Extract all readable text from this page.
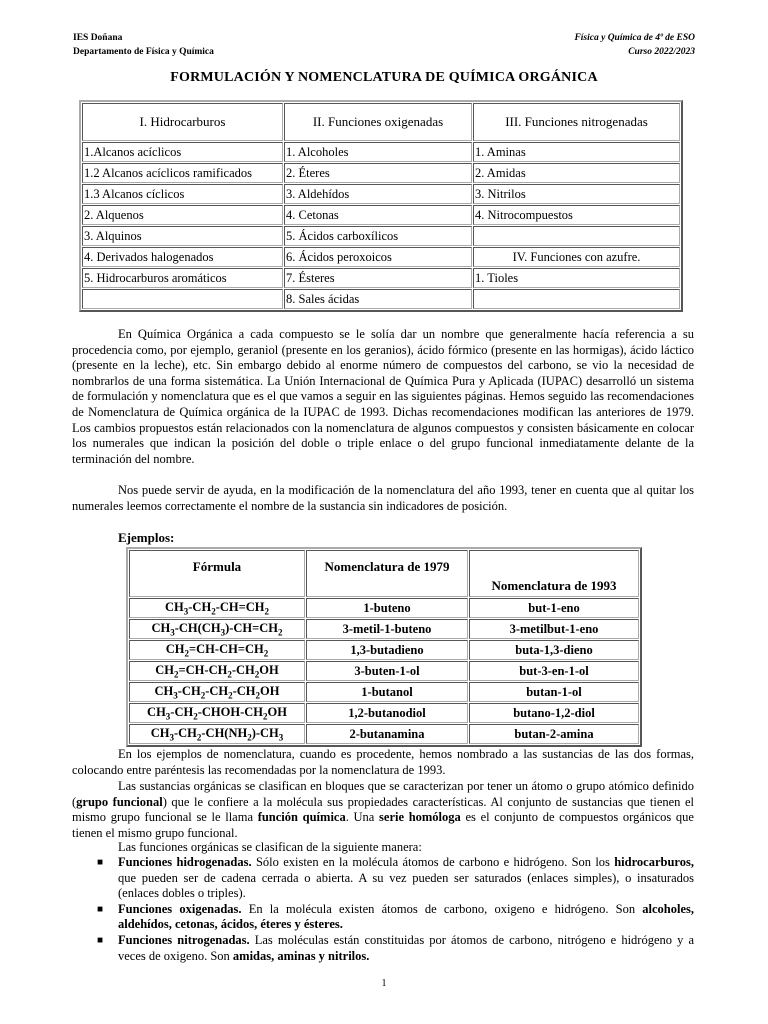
IES Doñana
Departamento de Física y Química
Física y Química de 4º de ESO
Curso 2022/2023
FORMULACIÓN Y NOMENCLATURA DE QUÍMICA ORGÁNICA
I. Hidrocarburos	II. Funciones oxigenadas	III. Funciones nitrogenadas
1.Alcanos acíclicos	1. Alcoholes	1. Aminas
1.2 Alcanos acíclicos ramificados	2. Éteres	2. Amidas
1.3 Alcanos cíclicos	3. Aldehídos	3. Nitrilos
2. Alquenos	4. Cetonas	4. Nitrocompuestos
3. Alquinos	5. Ácidos carboxílicos	
4. Derivados halogenados	6. Ácidos peroxoicos	IV. Funciones con azufre.
5. Hidrocarburos aromáticos	7. Ésteres	1. Tioles
	8. Sales ácidas	

En Química Orgánica a cada compuesto se le solía dar un nombre que generalmente hacía referencia a su procedencia como, por ejemplo, geraniol (presente en los geranios), ácido fórmico (presente en las hormigas), ácido láctico (presente en la leche), etc. Sin embargo debido al enorme número de compuestos del carbono, se vio la necesidad de nombrarlos de una forma sistemática. La Unión Internacional de Química Pura y Aplicada (IUPAC) desarrolló un sistema de formulación y nomenclatura que es el que vamos a seguir en las siguientes páginas. Hemos seguido las recomendaciones de Nomenclatura de Química orgánica de la IUPAC de 1993. Dichas recomendaciones modifican las anteriores de 1979. Los cambios propuestos están relacionados con la nomenclatura de algunos compuestos y consisten básicamente en colocar los numerales que indican la posición del doble o triple enlace o del grupo funcional inmediatamente delante de la terminación del nombre.

Nos puede servir de ayuda, en la modificación de la nomenclatura del año 1993, tener en cuenta que al quitar los numerales leemos correctamente el nombre de la sustancia sin indicadores de posición.

Ejemplos:
Fórmula	Nomenclatura de 1979	Nomenclatura de 1993
$CH_3-CH_2-CH=CH_2$	1-buteno	but-1-eno
$CH_3-CH(CH_3)-CH=CH_2$	3-metil-1-buteno	3-metilbut-1-eno
$CH_2=CH-CH=CH_2$	1,3-butadieno	buta-1,3-dieno
$CH_2=CH-CH_2-CH_2OH$	3-buten-1-ol	but-3-en-1-ol
$CH_3-CH_2-CH_2-CH_2OH$	1-butanol	butan-1-ol
$CH_3-CH_2-CHOH-CH_2OH$	1,2-butanodiol	butano-1,2-diol
$CH_3-CH_2-CH(NH_2)-CH_3$	2-butanamina	butan-2-amina

En los ejemplos de nomenclatura, cuando es procedente, hemos nombrado a las sustancias de las dos formas, colocando entre paréntesis las recomendadas por la nomenclatura de 1993.

Las sustancias orgánicas se clasifican en bloques que se caracterizan por tener un átomo o grupo atómico definido (grupo funcional) que le confiere a la molécula sus propiedades características. Al conjunto de sustancias que tienen el mismo grupo funcional se le llama función química. Una serie homóloga es el conjunto de compuestos orgánicos que tienen el mismo grupo funcional.

Las funciones orgánicas se clasifican de la siguiente manera:

■ Funciones hidrogenadas. Sólo existen en la molécula átomos de carbono e hidrógeno. Son los hidrocarburos, que pueden ser de cadena cerrada o abierta. A su vez pueden ser saturados (enlaces simples), o insaturados (enlaces dobles o triples).
■ Funciones oxigenadas. En la molécula existen átomos de carbono, oxigeno e hidrógeno. Son alcoholes, aldehídos, cetonas, ácidos, éteres y ésteres.
■ Funciones nitrogenadas. Las moléculas están constituidas por átomos de carbono, nitrógeno e hidrógeno y a veces de oxigeno. Son amidas, aminas y nitrilos.
1
